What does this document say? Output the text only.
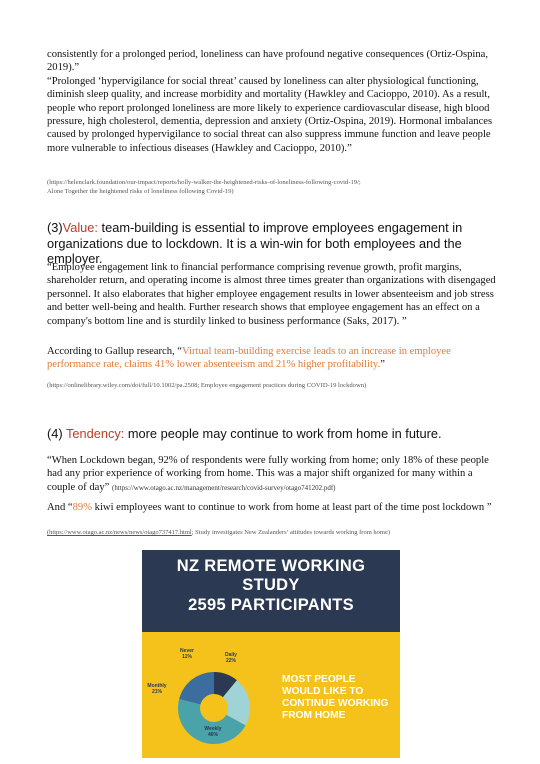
consistently for a prolonged period, loneliness can have profound negative consequences (Ortiz-Ospina, 2019).”

“Prolonged ‘hypervigilance for social threat’ caused by loneliness can alter physiological functioning, diminish sleep quality, and increase morbidity and mortality (Hawkley and Cacioppo, 2010). As a result, people who report prolonged loneliness are more likely to experience cardiovascular disease, high blood pressure, high cholesterol, dementia, depression and anxiety (Ortiz-Ospina, 2019). Hormonal imbalances caused by prolonged hypervigilance to social threat can also suppress immune function and leave people more vulnerable to infectious diseases (Hawkley and Cacioppo, 2010).”

(https://helenclark.foundation/our-impact/reports/holly-walker-the-heightened-risks-of-loneliness-following-covid-19/;

Alone Together the heightened risks of loneliness following Covid-19)

(3)Value: team-building is essential to improve employees engagement in organizations due to lockdown. It is a win-win for both employees and the employer.

“Employee engagement link to financial performance comprising revenue growth, profit margins, shareholder return, and operating income is almost three times greater than organizations with disengaged personnel. It also elaborates that higher employee engagement results in lower absenteeism and job stress and better well-being and health. Further research shows that employee engagement has an effect on a company's bottom line and is sturdily linked to business performance (Saks, 2017). ”

According to Gallup research, “Virtual team-building exercise leads to an increase in employee performance rate, claims 41% lower absenteeism and 21% higher profitability.”

(https://onlinelibrary.wiley.com/doi/full/10.1002/pa.2508; Employee engagement practices during COVID-19 lockdown)

(4) Tendency: more people may continue to work from home in future.

“When Lockdown began, 92% of respondents were fully working from home; only 18% of these people had any prior experience of working from home. This was a major shift organized for many within a couple of day” (https://www.otago.ac.nz/management/research/covid-survey/otago741202.pdf)

And “89% kiwi employees want to continue to work from home at least part of the time post lockdown ”

(https://www.otago.ac.nz/news/news/otago737417.html; Study investigates New Zealanders’ attitudes towards working from home)

NZ REMOTE WORKING
STUDY
2595 PARTICIPANTS
Never
11%	Daily
22%
Weekly
46%
Monthly
21%
MOST PEOPLE WOULD LIKE TO CONTINUE WORKING FROM HOME
